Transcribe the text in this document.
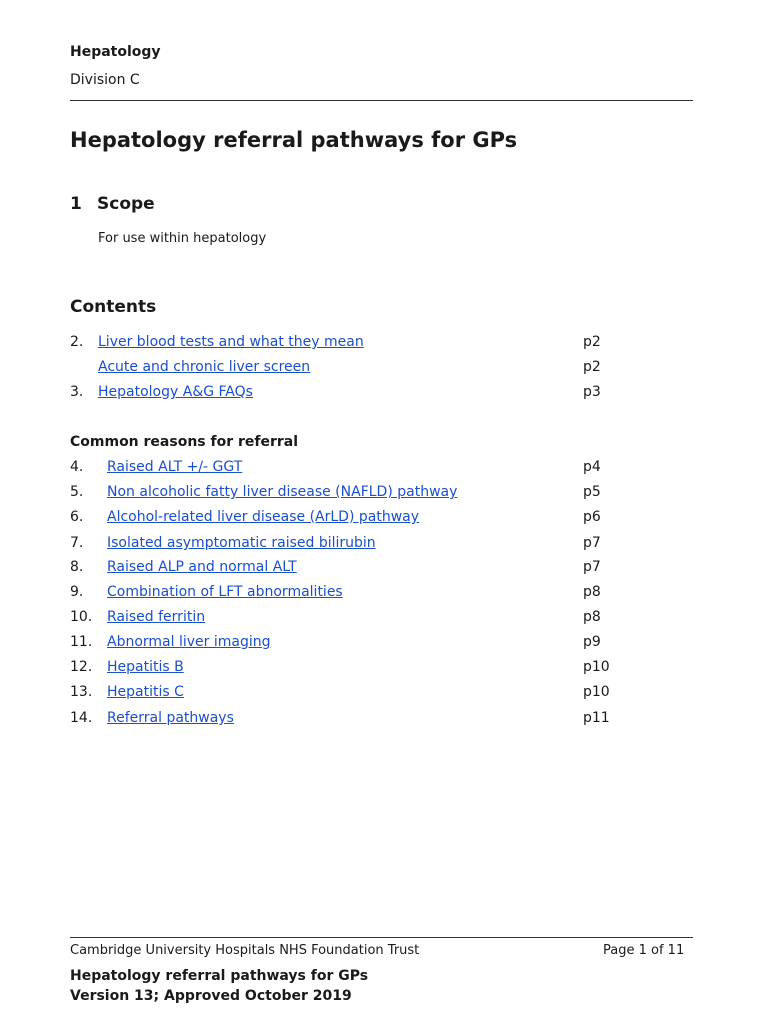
Hepatology
Division C
Hepatology referral pathways for GPs
1 Scope
For use within hepatology
Contents
2. Liver blood tests and what they mean	p2
Acute and chronic liver screen	p2
3. Hepatology A&G FAQs	p3
Common reasons for referral
4. Raised ALT +/- GGT	p4
5. Non alcoholic fatty liver disease (NAFLD) pathway	p5
6. Alcohol-related liver disease (ArLD) pathway	p6
7. Isolated asymptomatic raised bilirubin	p7
8. Raised ALP and normal ALT	p7
9. Combination of LFT abnormalities	p8
10. Raised ferritin	p8
11. Abnormal liver imaging	p9
12. Hepatitis B	p10
13. Hepatitis C	p10
14. Referral pathways	p11
Cambridge University Hospitals NHS Foundation Trust	Page 1 of 11
Hepatology referral pathways for GPs
Version 13; Approved October 2019
